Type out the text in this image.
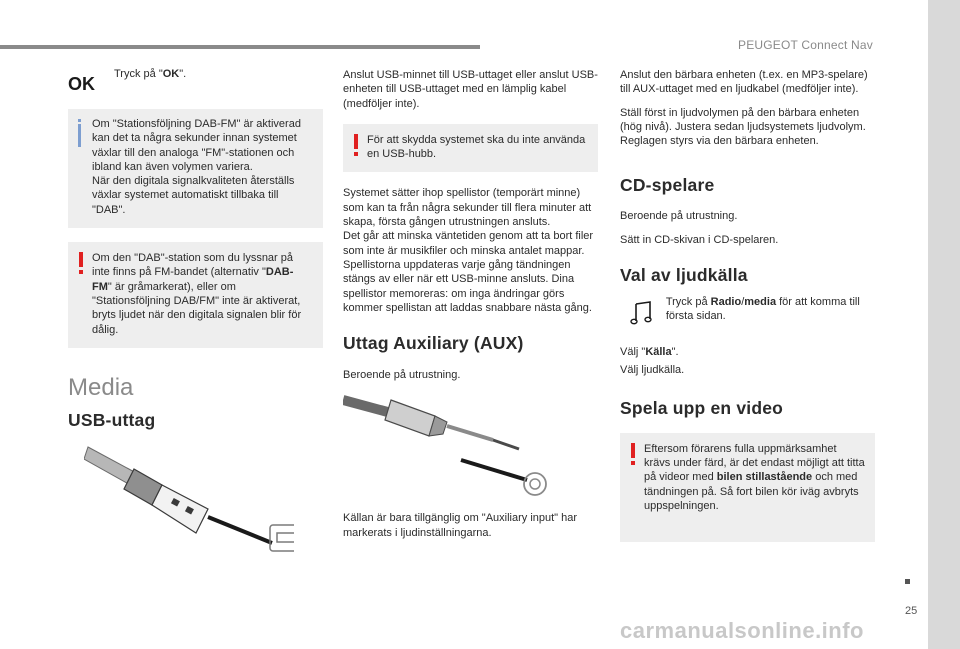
PEUGEOT Connect Nav
25
carmanualsonline.info
OK	Tryck på "OK".

Om "Stationsföljning DAB-FM" är aktiverad kan det ta några sekunder innan systemet växlar till den analoga "FM"-stationen och ibland kan även volymen variera.
När den digitala signalkvaliteten återställs växlar systemet automatiskt tillbaka till "DAB".
Om den "DAB"-station som du lyssnar på inte finns på FM-bandet (alternativ "DAB-FM" är gråmarkerat), eller om "Stationsföljning DAB/FM" inte är aktiverat, bryts ljudet när den digitala signalen blir för dålig.
Media
USB-uttag

Anslut USB-minnet till USB-uttaget eller anslut USB-enheten till USB-uttaget med en lämplig kabel (medföljer inte).

För att skydda systemet ska du inte använda en USB-hubb.

Systemet sätter ihop spellistor (temporärt minne) som kan ta från några sekunder till flera minuter att skapa, första gången utrustningen ansluts.

Det går att minska väntetiden genom att ta bort filer som inte är musikfiler och minska antalet mappar.

Spellistorna uppdateras varje gång tändningen stängs av eller när ett USB-minne ansluts. Dina spellistor memoreras: om inga ändringar görs kommer spellistan att laddas snabbare nästa gång.

Uttag Auxiliary (AUX)

Beroende på utrustning.

Källan är bara tillgänglig om "Auxiliary input" har markerats i ljudinställningarna.

Anslut den bärbara enheten (t.ex. en MP3-spelare) till AUX-uttaget med en ljudkabel (medföljer inte).

Ställ först in ljudvolymen på den bärbara enheten (hög nivå). Justera sedan ljudsystemets ljudvolym.

Reglagen styrs via den bärbara enheten.

CD-spelare

Beroende på utrustning.

Sätt in CD-skivan i CD-spelaren.

Val av ljudkälla

Tryck på Radio/media för att komma till första sidan.

Välj "Källa".

Välj ljudkälla.

Spela upp en video
Eftersom förarens fulla uppmärksamhet krävs under färd, är det endast möjligt att titta på videor med bilen stillastående och med tändningen på. Så fort bilen kör iväg avbryts uppspelningen.
